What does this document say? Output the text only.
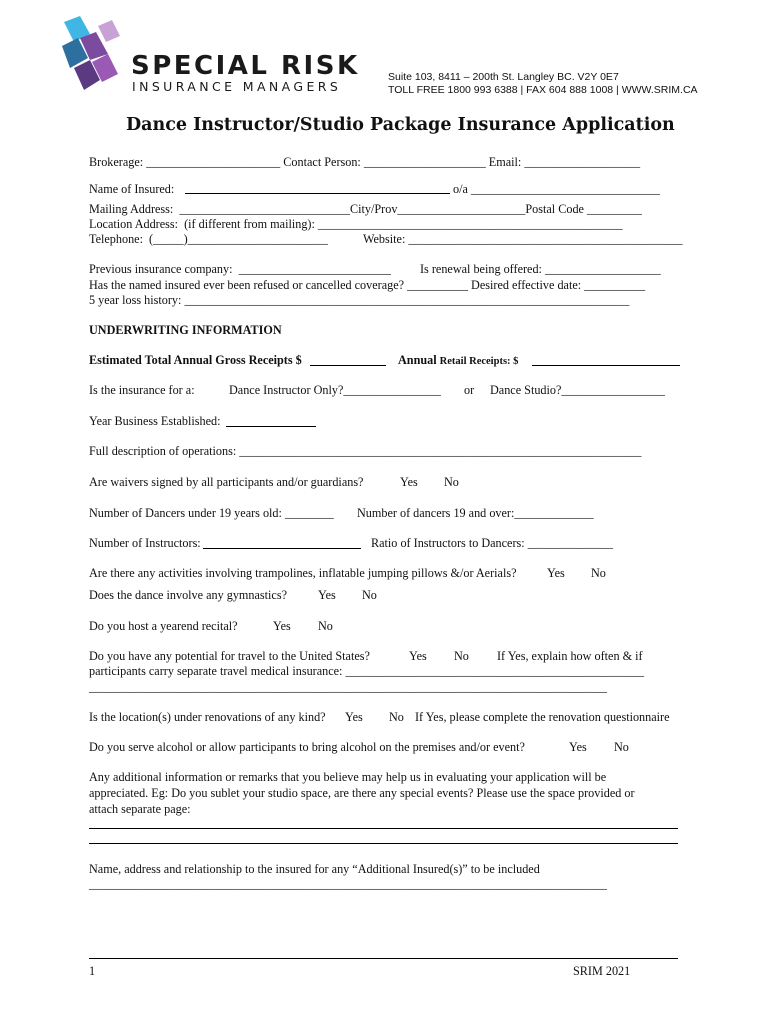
SPECIAL RISK
INSURANCE MANAGERS
Suite 103, 8411 – 200th St. Langley BC. V2Y 0E7
TOLL FREE 1800 993 6388 | FAX 604 888 1008 | WWW.SRIM.CA
Dance Instructor/Studio Package Insurance Application
Brokerage: ______________________ Contact Person: ____________________ Email: ___________________
Name of Insured:	o/a _______________________________
Mailing Address:  ____________________________City/Prov_____________________Postal Code _________
Location Address:  (if different from mailing): __________________________________________________
Telephone:  (_____)_______________________	Website: _____________________________________________
Previous insurance company:  _________________________ Is renewal being offered: ___________________
Has the named insured ever been refused or cancelled coverage? __________ Desired effective date: __________
5 year loss history: _________________________________________________________________________
UNDERWRITING INFORMATION
Estimated Total Annual Gross Receipts $	Annual Retail Receipts: $
Is the insurance for a:	Dance Instructor Only?________________ or Dance Studio?_________________
Year Business Established:
Full description of operations: __________________________________________________________________
Are waivers signed by all participants and/or guardians?	Yes No
Number of Dancers under 19 years old: ________ Number of dancers 19 and over:_____________
Number of Instructors:	Ratio of Instructors to Dancers: ______________
Are there any activities involving trampolines, inflatable jumping pillows &/or Aerials?	Yes No
Does the dance involve any gymnastics?	Yes No
Do you host a yearend recital?	Yes No
Do you have any potential for travel to the United States?	Yes No If Yes, explain how often & if
participants carry separate travel medical insurance: _________________________________________________
_____________________________________________________________________________________
Is the location(s) under renovations of any kind? Yes No If Yes, please complete the renovation questionnaire
Do you serve alcohol or allow participants to bring alcohol on the premises and/or event?	Yes No
Any additional information or remarks that you believe may help us in evaluating your application will be
appreciated. Eg: Do you sublet your studio space, are there any special events? Please use the space provided or
attach separate page:
Name, address and relationship to the insured for any “Additional Insured(s)” to be included
_____________________________________________________________________________________
1	SRIM 2021
